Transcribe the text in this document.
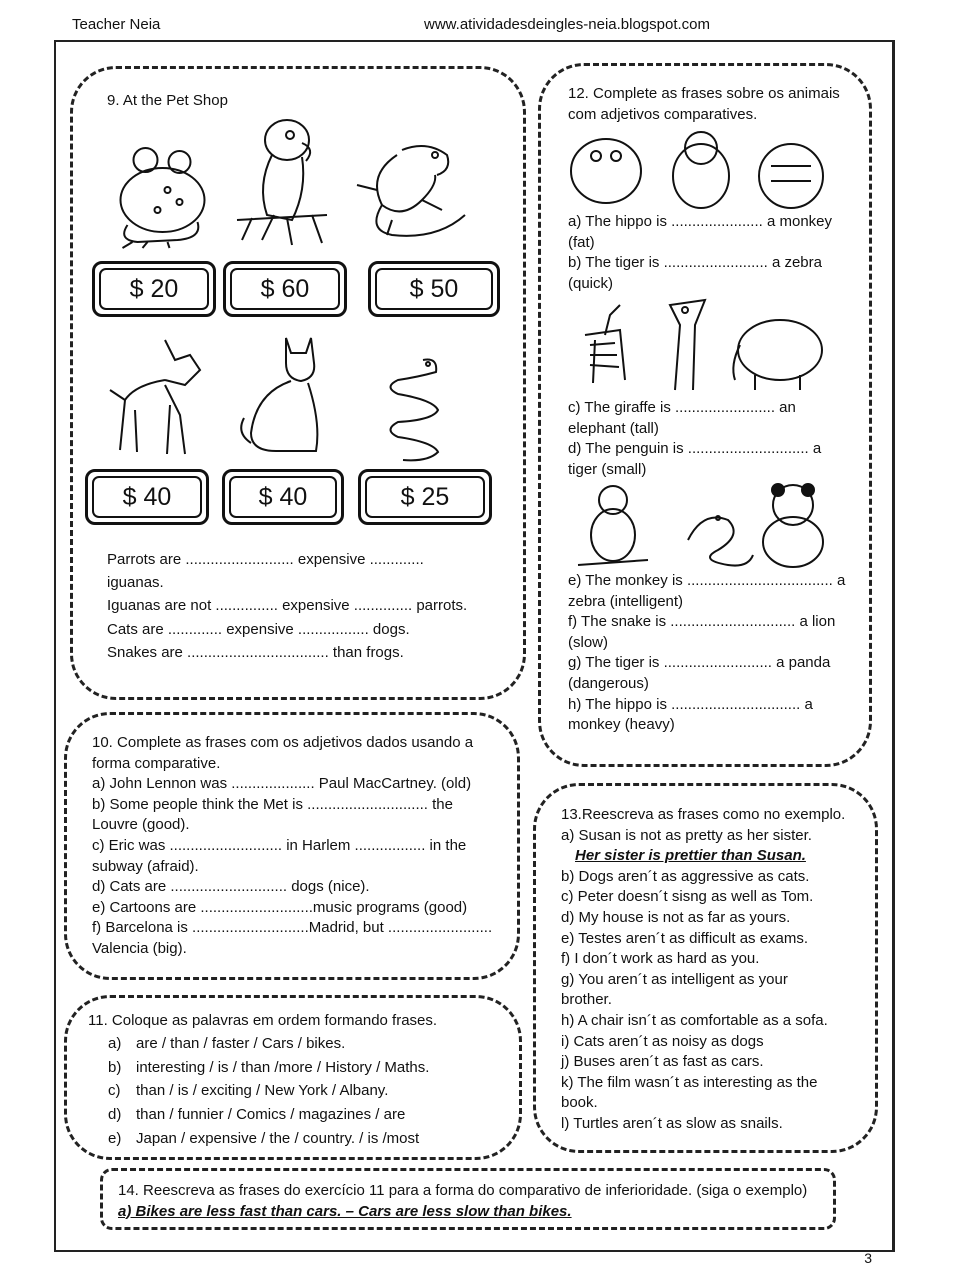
Teacher Neia	www.atividadesdeingles-neia.blogspot.com
9. At the Pet Shop
$ 20	$ 60	$ 50
$ 40	$ 40	$ 25
Parrots are .......................... expensive .............
iguanas.
Iguanas are not ............... expensive .............. parrots.
Cats are ............. expensive ................. dogs.
Snakes are .................................. than frogs.
12. Complete as frases sobre os animais
com adjetivos comparatives.
a) The hippo is ...................... a monkey
(fat)
b) The tiger is ......................... a zebra
(quick)
c) The giraffe is ........................ an
elephant (tall)
d) The penguin is ............................. a
tiger (small)
e) The monkey is ................................... a
zebra (intelligent)
f) The snake is .............................. a lion
(slow)
g) The tiger is .......................... a panda
(dangerous)
h) The hippo is ............................... a
monkey (heavy)
10. Complete as frases com os adjetivos dados usando a
forma comparative.
a) John Lennon was .................... Paul MacCartney. (old)
b) Some people think the Met is ............................. the
Louvre (good).
c) Eric was ........................... in Harlem ................. in the
subway (afraid).
d) Cats are ............................ dogs (nice).
e) Cartoons are ...........................music programs (good)
f) Barcelona is ............................Madrid, but .........................
Valencia (big).
11. Coloque as palavras em ordem formando frases.
a) are / than / faster / Cars / bikes.
b) interesting / is / than /more / History / Maths.
c)	than / is / exciting / New York / Albany.
d) than / funnier / Comics / magazines / are
e) Japan / expensive / the / country. / is /most
13.Reescreva as frases como no exemplo.
a) Susan is not as pretty as her sister.
Her sister is prettier than Susan.
b) Dogs aren´t as aggressive as cats.
c) Peter doesn´t sisng as well as Tom.
d) My house is not as far as yours.
e) Testes aren´t as difficult as exams.
f) I don´t work as hard as you.
g) You aren´t as intelligent as your
brother.
h) A chair isn´t as comfortable as a sofa.
i) Cats aren´t as noisy as dogs
j) Buses aren´t as fast as cars.
k) The film wasn´t as interesting as the
book.
l) Turtles aren´t as slow as snails.
14. Reescreva as frases do exercício 11 para a forma do comparativo de inferioridade. (siga o exemplo)
a) Bikes are less fast than cars. – Cars are less slow than bikes.
3
